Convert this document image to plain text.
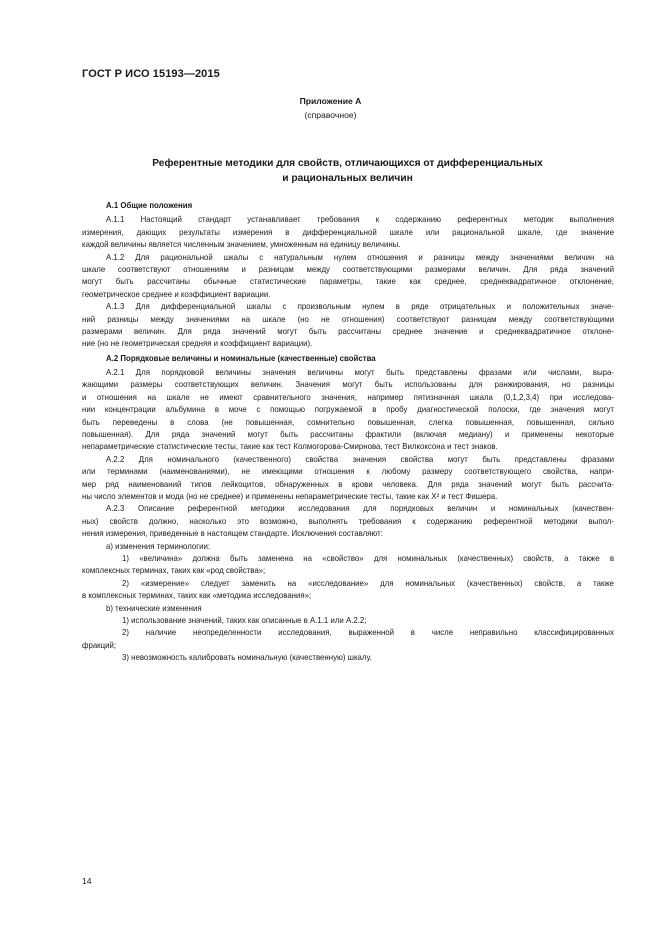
ГОСТ Р ИСО 15193—2015
Приложение А
(справочное)
Референтные методики для свойств, отличающихся от дифференциальных
и рациональных величин
А.1 Общие положения
А.1.1 Настоящий стандарт устанавливает требования к содержанию референтных методик выполнения
измерения, дающих результаты измерения в дифференциальной шкале или рациональной шкале, где значение
каждой величины является численным значением, умноженным на единицу величины.
А.1.2 Для рациональной шкалы с натуральным нулем отношения и разницы между значениями величин на
шкале соответствуют отношениям и разницам между соответствующими размерами величин. Для ряда значений
могут быть рассчитаны обычные статистические параметры, такие как среднее, среднеквадратичное отклонение,
геометрическое среднее и коэффициент вариации.
А.1.3 Для дифференциальной шкалы с произвольным нулем в ряде отрицательных и положительных значе-
ний разницы между значениями на шкале (но не отношения) соответствуют разницам между соответствующими
размерами величин. Для ряда значений могут быть рассчитаны среднее значение и среднеквадратичное отклоне-
ние (но не геометрическая средняя и коэффициент вариации).
А.2 Порядковые величины и номинальные (качественные) свойства
А.2.1 Для порядковой величины значения величины могут быть представлены фразами или числами, выра-
жающими размеры соответствующих величин. Значения могут быть использованы для ранжирования, но разницы
и отношения на шкале не имеют сравнительного значения, например пятизначная шкала (0,1,2,3,4) при исследова-
нии концентрации альбумина в моче с помощью погружаемой в пробу диагностической полоски, где значения могут
быть переведены в слова (не повышенная, сомнительно повышенная, слегка повышенная, повышенная, сильно
повышенная). Для ряда значений могут быть рассчитаны фрактили (включая медиану) и применены некоторые
непараметрические статистические тесты, такие как тест Колмогорова-Смирнова, тест Вилкоксона и тест знаков.
А.2.2 Для номинального (качественного) свойства значения свойства могут быть представлены фразами
или терминами (наименованиями), не имеющими отношения к любому размеру соответствующего свойства, напри-
мер ряд наименований типов лейкоцитов, обнаруженных в крови человека. Для ряда значений могут быть рассчита-
ны число элементов и мода (но не среднее) и применены непараметрические тесты, такие как X² и тест Фишера.
А.2.3 Описание референтной методики исследования для порядковых величин и номинальных (качествен-
ных) свойств должно, насколько это возможно, выполнять требования к содержанию референтной методики выпол-
нения измерения, приведенные в настоящем стандарте. Исключения составляют:
а) изменения терминологии:
1) «величина» должна быть заменена на «свойство» для номинальных (качественных) свойств, а также в
комплексных терминах, таких как «род свойства»;
2) «измерение» следует заменить на «исследование» для номинальных (качественных) свойств, а также
в комплексных терминах, таких как «методика исследования»;
b) технические изменения
1) использование значений, таких как описанные в А.1.1 или А.2.2;
2) наличие неопределенности исследования, выраженной в числе неправильно классифицированных
фракций;
3) невозможность калибровать номинальную (качественную) шкалу.
14
